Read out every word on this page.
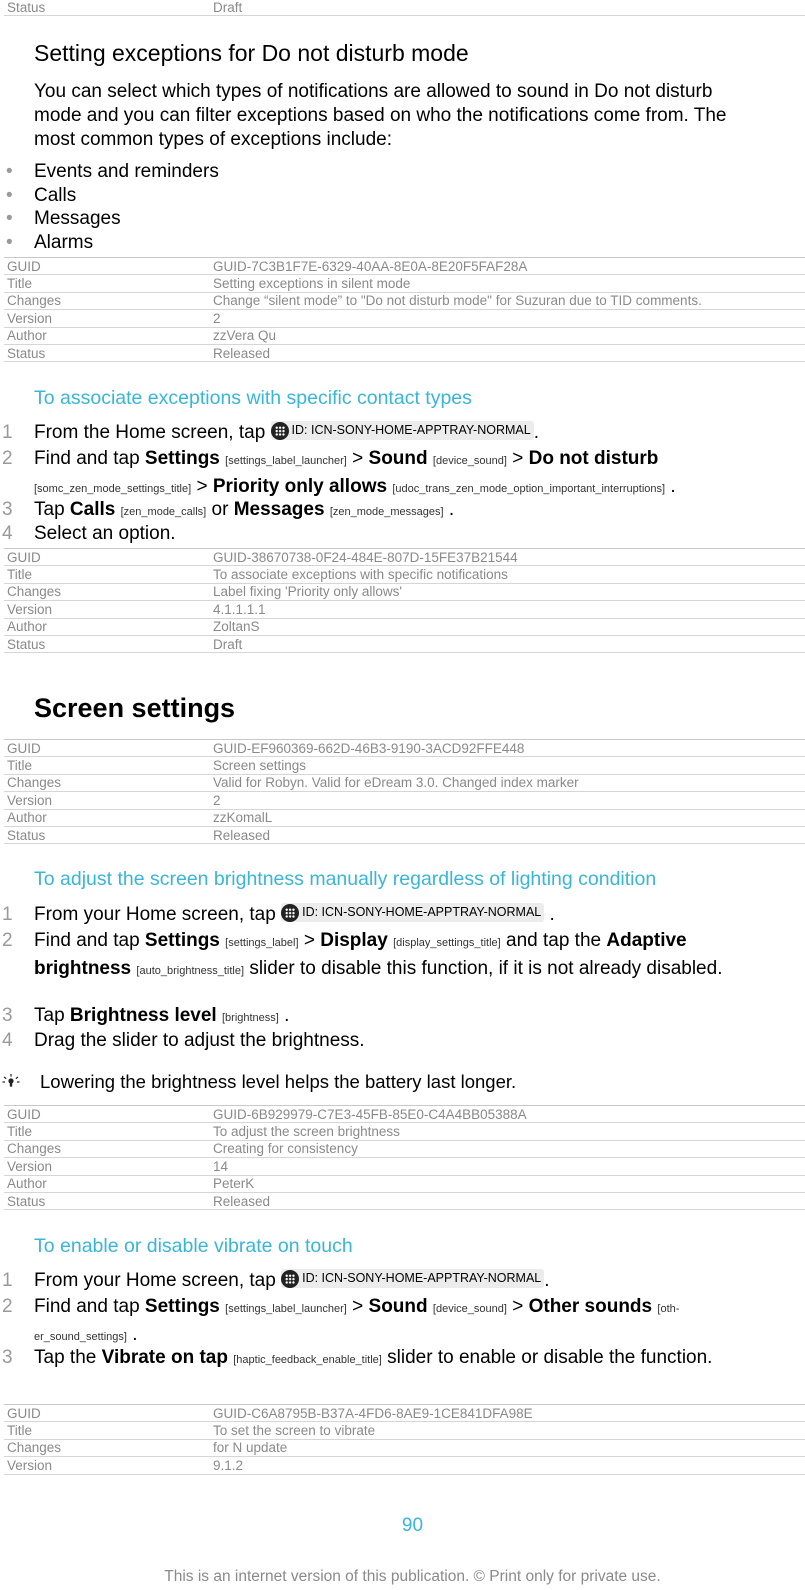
Status	Draft
Setting exceptions for Do not disturb mode

You can select which types of notifications are allowed to sound in Do not disturb

mode and you can filter exceptions based on who the notifications come from. The

most common types of exceptions include:

•	Events and reminders
•	Calls
•	Messages
•	Alarms
GUID	GUID-7C3B1F7E-6329-40AA-8E0A-8E20F5FAF28A
Title	Setting exceptions in silent mode
Changes	Change “silent mode” to "Do not disturb mode" for Suzuran due to TID comments.
Version	2
Author	zzVera Qu
Status	Released
To associate exceptions with specific contact types
1 From the Home screen, tap ID: ICN-SONY-HOME-APPTRAY-NORMAL .
2 Find and tap Settings [settings_label_launcher] > Sound [device_sound] > Do not disturb [somc_zen_mode_settings_title] > Priority only allows [udoc_trans_zen_mode_option_important_interruptions] .
3 Tap Calls [zen_mode_calls] or Messages [zen_mode_messages] .
4 Select an option.
GUID	GUID-38670738-0F24-484E-807D-15FE37B21544
Title	To associate exceptions with specific notifications
Changes	Label fixing 'Priority only allows'
Version	4.1.1.1.1
Author	ZoltanS
Status	Draft
Screen settings
GUID	GUID-EF960369-662D-46B3-9190-3ACD92FFE448
Title	Screen settings
Changes	Valid for Robyn. Valid for eDream 3.0. Changed index marker
Version	2
Author	zzKomalL
Status	Released
To adjust the screen brightness manually regardless of lighting condition
1 From your Home screen, tap ID: ICN-SONY-HOME-APPTRAY-NORMAL .
2 Find and tap Settings [settings_label] > Display [display_settings_title] and tap the Adaptive brightness [auto_brightness_title] slider to disable this function, if it is not already disabled.
3 Tap Brightness level [brightness] .
4 Drag the slider to adjust the brightness.
Lowering the brightness level helps the battery last longer.
GUID	GUID-6B929979-C7E3-45FB-85E0-C4A4BB05388A
Title	To adjust the screen brightness
Changes	Creating for consistency
Version	14
Author	PeterK
Status	Released
To enable or disable vibrate on touch
1 From your Home screen, tap ID: ICN-SONY-HOME-APPTRAY-NORMAL .
2 Find and tap Settings [settings_label_launcher] > Sound [device_sound] > Other sounds [oth-er_sound_settings] .
3 Tap the Vibrate on tap [haptic_feedback_enable_title] slider to enable or disable the function.
GUID	GUID-C6A8795B-B37A-4FD6-8AE9-1CE841DFA98E
Title	To set the screen to vibrate
Changes	for N update
Version	9.1.2
90
This is an internet version of this publication. © Print only for private use.
